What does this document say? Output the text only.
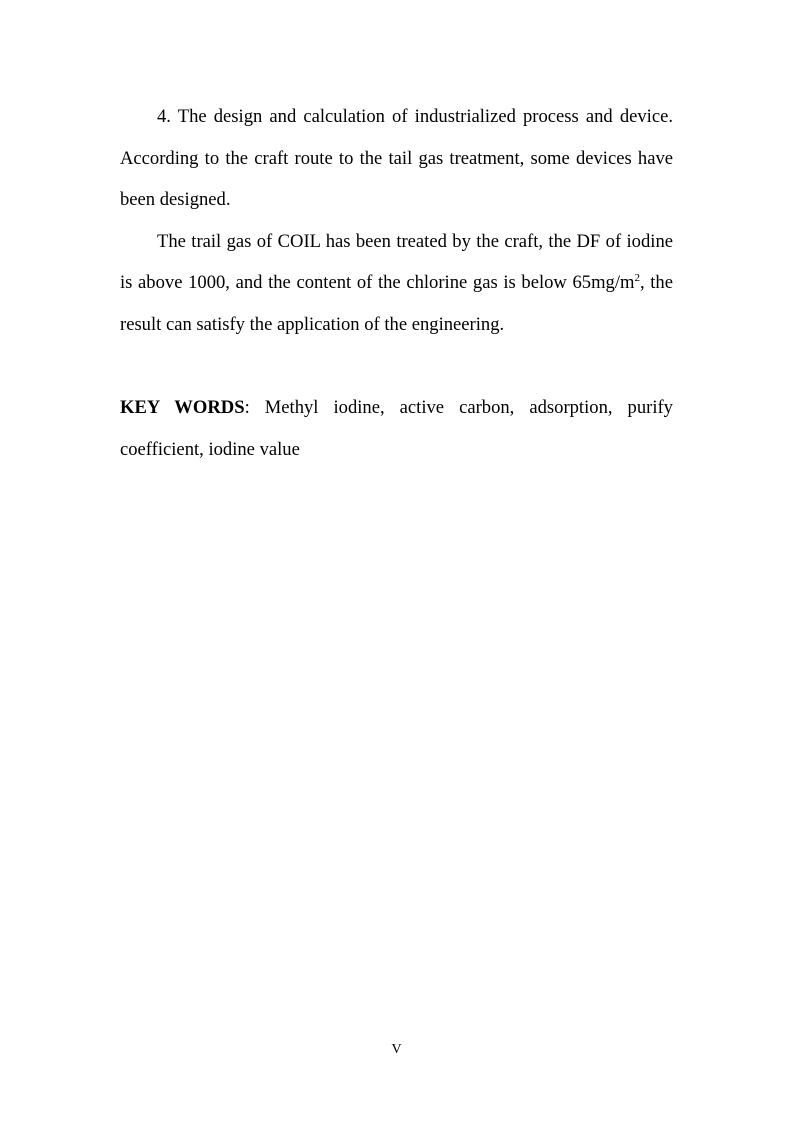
4. The design and calculation of industrialized process and device. According to the craft route to the tail gas treatment, some devices have been designed.

The trail gas of COIL has been treated by the craft, the DF of iodine is above 1000, and the content of the chlorine gas is below $65mg/m^2$, the result can satisfy the application of the engineering.

KEY WORDS: Methyl iodine, active carbon, adsorption, purify coefficient, iodine value

V
